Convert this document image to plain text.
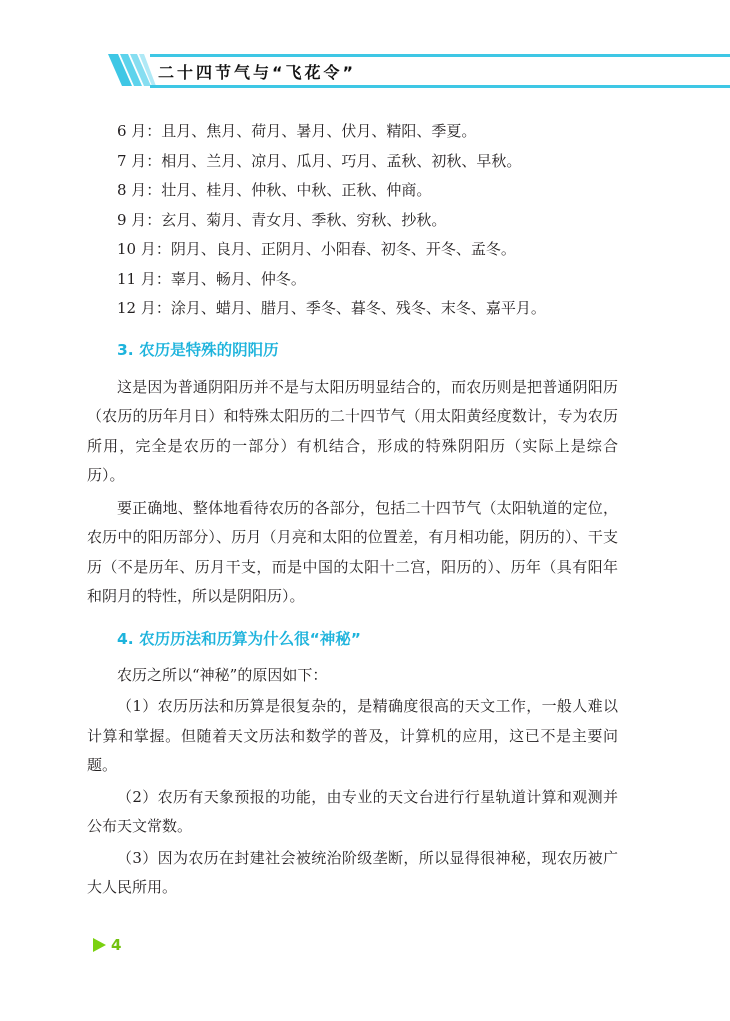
二十四节气与“飞花令”

6 月：且月、焦月、荷月、暑月、伏月、精阳、季夏。

7 月：相月、兰月、凉月、瓜月、巧月、孟秋、初秋、早秋。

8 月：壮月、桂月、仲秋、中秋、正秋、仲商。

9 月：玄月、菊月、青女月、季秋、穷秋、抄秋。

10 月：阴月、良月、正阴月、小阳春、初冬、开冬、孟冬。

11 月：辜月、畅月、仲冬。

12 月：涂月、蜡月、腊月、季冬、暮冬、残冬、末冬、嘉平月。

3. 农历是特殊的阴阳历

这是因为普通阴阳历并不是与太阳历明显结合的，而农历则是把普通阴阳历（农历的历年月日）和特殊太阳历的二十四节气（用太阳黄经度数计，专为农历所用，完全是农历的一部分）有机结合，形成的特殊阴阳历（实际上是综合历）。

要正确地、整体地看待农历的各部分，包括二十四节气（太阳轨道的定位，农历中的阳历部分）、历月（月亮和太阳的位置差，有月相功能，阴历的）、干支历（不是历年、历月干支，而是中国的太阳十二宫，阳历的）、历年（具有阳年和阴月的特性，所以是阴阳历）。

4. 农历历法和历算为什么很“神秘”

农历之所以“神秘”的原因如下：

（1）农历历法和历算是很复杂的，是精确度很高的天文工作，一般人难以计算和掌握。但随着天文历法和数学的普及，计算机的应用，这已不是主要问题。

（2）农历有天象预报的功能，由专业的天文台进行行星轨道计算和观测并公布天文常数。

（3）因为农历在封建社会被统治阶级垄断，所以显得很神秘，现农历被广大人民所用。

4
